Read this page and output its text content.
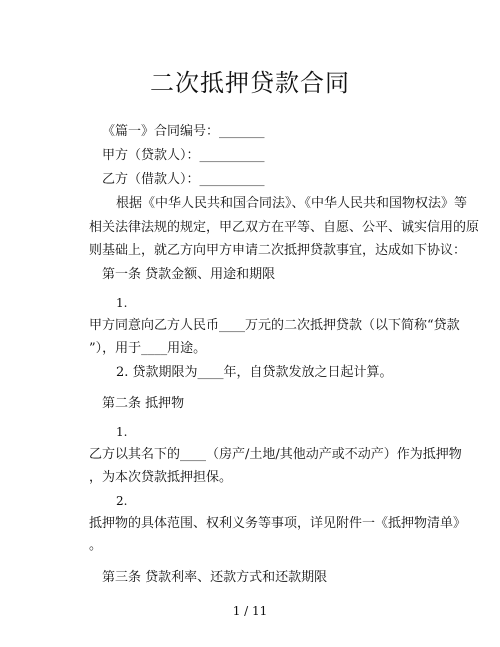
二次抵押贷款合同
《篇一》合同编号：_______
甲方（贷款人）：__________
乙方（借款人）：__________
根据《中华人民共和国合同法》、《中华人民共和国物权法》等
相关法律法规的规定，甲乙双方在平等、自愿、公平、诚实信用的原
则基础上，就乙方向甲方申请二次抵押贷款事宜，达成如下协议：
第一条 贷款金额、用途和期限
1.
甲方同意向乙方人民币____万元的二次抵押贷款（以下简称“贷款
”），用于____用途。
2. 贷款期限为____年，自贷款发放之日起计算。
第二条 抵押物
1.
乙方以其名下的____（房产/土地/其他动产或不动产）作为抵押物
，为本次贷款抵押担保。
2.
抵押物的具体范围、权利义务等事项，详见附件一《抵押物清单》
。
第三条 贷款利率、还款方式和还款期限
1 / 11
